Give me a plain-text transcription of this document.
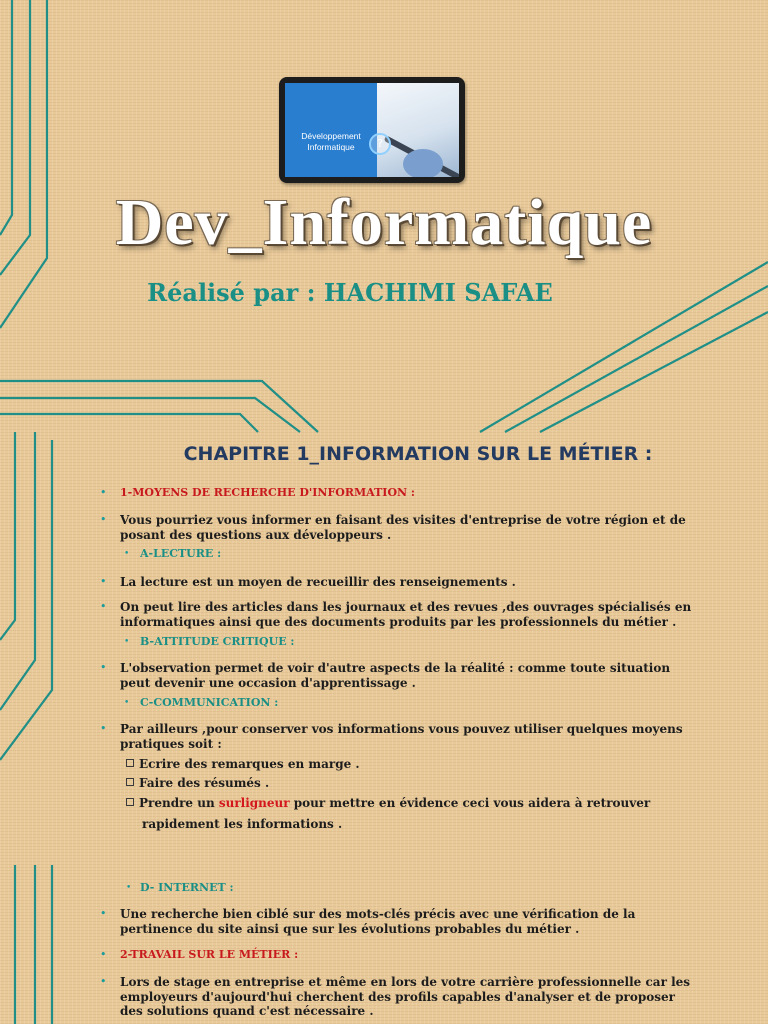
?
Développement
Informatique
Dev_Informatique
Réalisé par : HACHIMI SAFAE
CHAPITRE 1_INFORMATION SUR LE MÉTIER :
• 1-MOYENS DE RECHERCHE D'INFORMATION :
• Vous pourriez vous informer en faisant des visites d'entreprise de votre région et de
posant des questions aux développeurs .
• A-LECTURE :
• La lecture est un moyen de recueillir des renseignements .
• On peut lire des articles dans les journaux et des revues ,des ouvrages spécialisés en
informatiques ainsi que des documents produits par les professionnels du métier .
• B-ATTITUDE CRITIQUE :
• L'observation permet de voir d'autre aspects de la réalité : comme toute situation
peut devenir une occasion d'apprentissage .
• C-COMMUNICATION :
• Par ailleurs ,pour conserver vos informations vous pouvez utiliser quelques moyens
pratiques soit :
Ecrire des remarques en marge .
Faire des résumés .
Prendre un surligneur pour mettre en évidence ceci vous aidera à retrouver
rapidement les informations .
• D- INTERNET :
• Une recherche bien ciblé sur des mots-clés précis avec une vérification de la
pertinence du site ainsi que sur les évolutions probables du métier .
• 2-TRAVAIL SUR LE MÉTIER :
• Lors de stage en entreprise et même en lors de votre carrière professionnelle car les
employeurs d'aujourd'hui cherchent des profils capables d'analyser et de proposer
des solutions quand c'est nécessaire .
